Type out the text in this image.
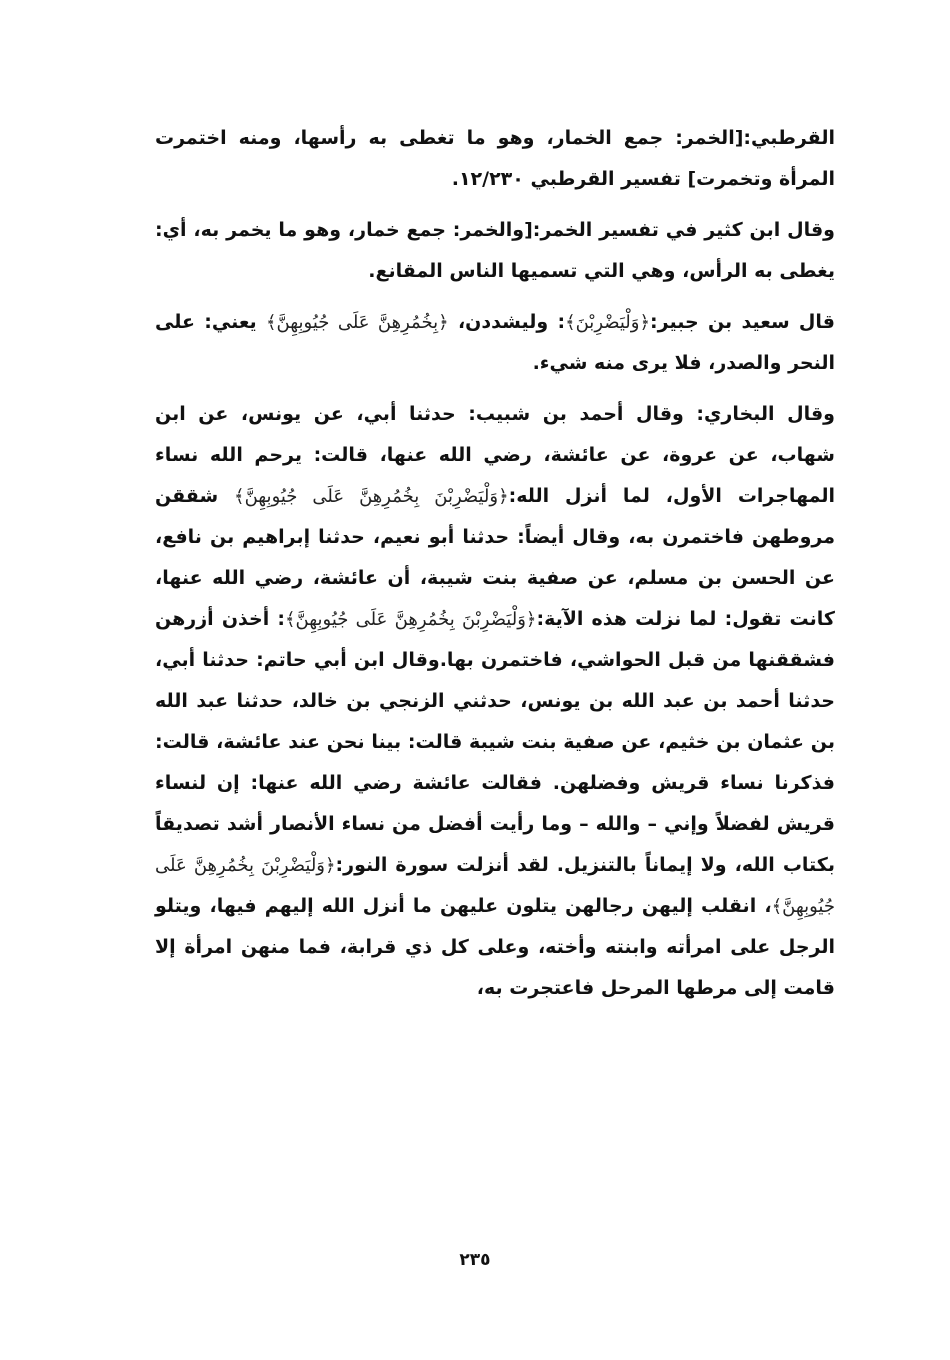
القرطبي:[الخمر: جمع الخمار، وهو ما تغطى به رأسها، ومنه اختمرت المرأة وتخمرت] تفسير القرطبي ١٢/٢٣٠.

وقال ابن كثير في تفسير الخمر:[والخمر: جمع خمار، وهو ما يخمر به، أي: يغطى به الرأس، وهي التي تسميها الناس المقانع.

قال سعيد بن جبير:﴿وَلْيَضْرِبْنَ﴾: وليشددن، ﴿بِخُمُرِهِنَّ عَلَى جُيُوبِهِنَّ﴾ يعني: على النحر والصدر، فلا يرى منه شيء.

وقال البخاري: وقال أحمد بن شبيب: حدثنا أبي، عن يونس، عن ابن شهاب، عن عروة، عن عائشة، رضي الله عنها، قالت: يرحم الله نساء المهاجرات الأول، لما أنزل الله:﴿وَلْيَضْرِبْنَ بِخُمُرِهِنَّ عَلَى جُيُوبِهِنَّ﴾ شققن مروطهن فاختمرن به، وقال أيضاً: حدثنا أبو نعيم، حدثنا إبراهيم بن نافع، عن الحسن بن مسلم، عن صفية بنت شيبة، أن عائشة، رضي الله عنها، كانت تقول: لما نزلت هذه الآية:﴿وَلْيَضْرِبْنَ بِخُمُرِهِنَّ عَلَى جُيُوبِهِنَّ﴾: أخذن أزرهن فشققنها من قبل الحواشي، فاختمرن بها.وقال ابن أبي حاتم: حدثنا أبي، حدثنا أحمد بن عبد الله بن يونس، حدثني الزنجي بن خالد، حدثنا عبد الله بن عثمان بن خثيم، عن صفية بنت شيبة قالت: بينا نحن عند عائشة، قالت: فذكرنا نساء قريش وفضلهن. فقالت عائشة رضي الله عنها: إن لنساء قريش لفضلاً وإني – والله – وما رأيت أفضل من نساء الأنصار أشد تصديقاً بكتاب الله، ولا إيماناً بالتنزيل. لقد أنزلت سورة النور:﴿وَلْيَضْرِبْنَ بِخُمُرِهِنَّ عَلَى جُيُوبِهِنَّ﴾، انقلب إليهن رجالهن يتلون عليهن ما أنزل الله إليهم فيها، ويتلو الرجل على امرأته وابنته وأخته، وعلى كل ذي قرابة، فما منهن امرأة إلا قامت إلى مرطها المرحل فاعتجرت به،

٢٣٥
